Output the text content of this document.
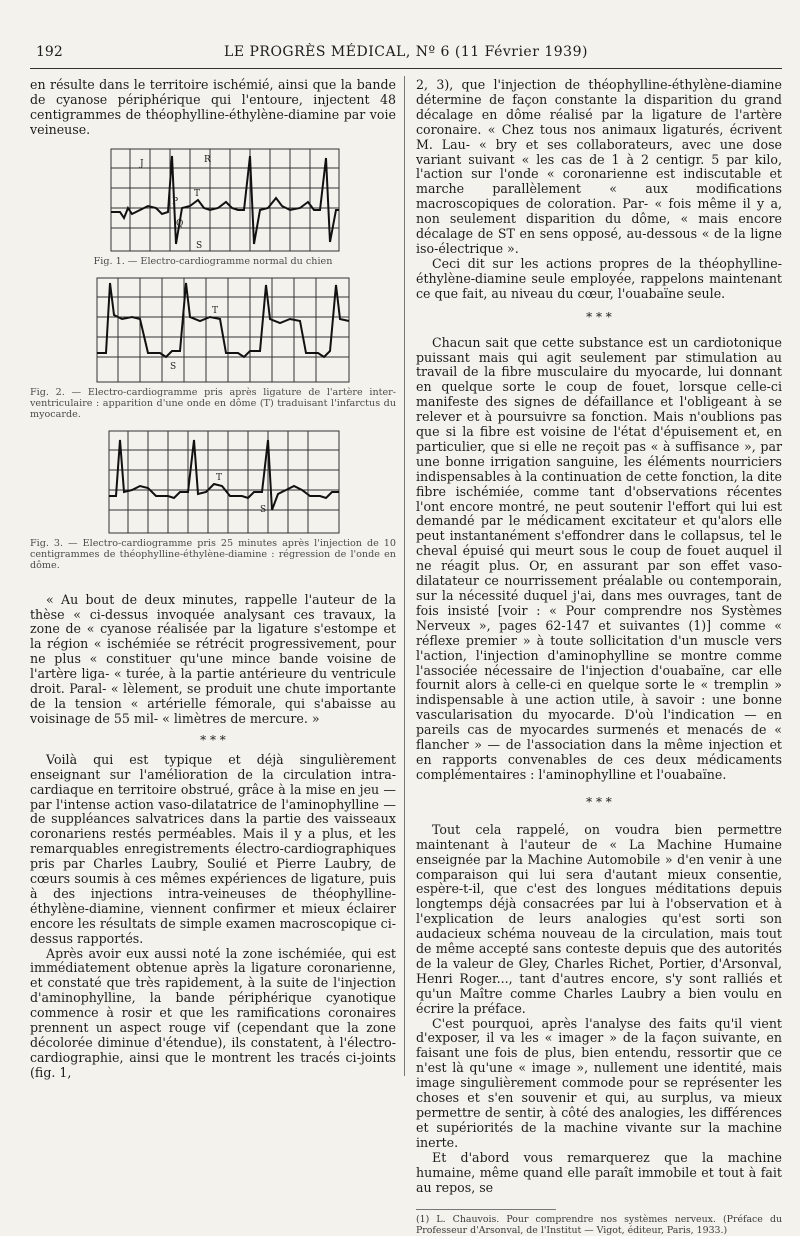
192	LE PROGRÈS MÉDICAL, Nº 6 (11 Février 1939)

en résulte dans le territoire ischémié, ainsi que la bande de cyanose périphérique qui l'entoure, injectent 48 centigrammes de théophylline-éthylène-diamine par voie veineuse.

J	R
P
T
Q
S
Fig. 1. — Electro-cardiogramme normal du chien
T
S
Fig. 2. — Electro-cardiogramme pris après ligature de l'artère inter-ventriculaire : apparition d'une onde en dôme (T) traduisant l'infarctus du myocarde.
T
S
Fig. 3. — Electro-cardiogramme pris 25 minutes après l'injection de 10 centigrammes de théophylline-éthylène-diamine : régression de l'onde en dôme.

« Au bout de deux minutes, rappelle l'auteur de la thèse « ci-dessus invoquée analysant ces travaux, la zone de « cyanose réalisée par la ligature s'estompe et la région « ischémiée se rétrécit progressivement, pour ne plus « constituer qu'une mince bande voisine de l'artère liga- « turée, à la partie antérieure du ventricule droit. Paral- « lèlement, se produit une chute importante de la tension « artérielle fémorale, qui s'abaisse au voisinage de 55 mil- « limètres de mercure. »

* * *

Voilà qui est typique et déjà singulièrement enseignant sur l'amélioration de la circulation intra-cardiaque en territoire obstrué, grâce à la mise en jeu — par l'intense action vaso-dilatatrice de l'aminophylline — de suppléances salvatrices dans la partie des vaisseaux coronariens restés perméables. Mais il y a plus, et les remarquables enregistrements électro-cardiographiques pris par Charles Laubry, Soulié et Pierre Laubry, de cœurs soumis à ces mêmes expériences de ligature, puis à des injections intra-veineuses de théophylline-éthylène-diamine, viennent confirmer et mieux éclairer encore les résultats de simple examen macroscopique ci-dessus rapportés.

Après avoir eux aussi noté la zone ischémiée, qui est immédiatement obtenue après la ligature coronarienne, et constaté que très rapidement, à la suite de l'injection d'aminophylline, la bande périphérique cyanotique commence à rosir et que les ramifications coronaires prennent un aspect rouge vif (cependant que la zone décolorée diminue d'étendue), ils constatent, à l'électro-cardiographie, ainsi que le montrent les tracés ci-joints (fig. 1,

2, 3), que l'injection de théophylline-éthylène-diamine détermine de façon constante la disparition du grand décalage en dôme réalisé par la ligature de l'artère coronaire. « Chez tous nos animaux ligaturés, écrivent M. Lau- « bry et ses collaborateurs, avec une dose variant suivant « les cas de 1 à 2 centigr. 5 par kilo, l'action sur l'onde « coronarienne est indiscutable et marche parallèlement « aux modifications macroscopiques de coloration. Par- « fois même il y a, non seulement disparition du dôme, « mais encore décalage de ST en sens opposé, au-dessous « de la ligne iso-électrique ».

Ceci dit sur les actions propres de la théophylline-éthylène-diamine seule employée, rappelons maintenant ce que fait, au niveau du cœur, l'ouabaïne seule.

* * *

Chacun sait que cette substance est un cardiotonique puissant mais qui agit seulement par stimulation au travail de la fibre musculaire du myocarde, lui donnant en quelque sorte le coup de fouet, lorsque celle-ci manifeste des signes de défaillance et l'obligeant à se relever et à poursuivre sa fonction. Mais n'oublions pas que si la fibre est voisine de l'état d'épuisement et, en particulier, que si elle ne reçoit pas « à suffisance », par une bonne irrigation sanguine, les éléments nourriciers indispensables à la continuation de cette fonction, la dite fibre ischémiée, comme tant d'observations récentes l'ont encore montré, ne peut soutenir l'effort qui lui est demandé par le médicament excitateur et qu'alors elle peut instantanément s'effondrer dans le collapsus, tel le cheval épuisé qui meurt sous le coup de fouet auquel il ne réagit plus. Or, en assurant par son effet vaso-dilatateur ce nourrissement préalable ou contemporain, sur la nécessité duquel j'ai, dans mes ouvrages, tant de fois insisté [voir : « Pour comprendre nos Systèmes Nerveux », pages 62-147 et suivantes (1)] comme « réflexe premier » à toute sollicitation d'un muscle vers l'action, l'injection d'aminophylline se montre comme l'associée nécessaire de l'injection d'ouabaïne, car elle fournit alors à celle-ci en quelque sorte le « tremplin » indispensable à une action utile, à savoir : une bonne vascularisation du myocarde. D'où l'indication — en pareils cas de myocardes surmenés et menacés de « flancher » — de l'association dans la même injection et en rapports convenables de ces deux médicaments complémentaires : l'aminophylline et l'ouabaïne.

* * *

Tout cela rappelé, on voudra bien permettre maintenant à l'auteur de « La Machine Humaine enseignée par la Machine Automobile » d'en venir à une comparaison qui lui sera d'autant mieux consentie, espère-t-il, que c'est des longues méditations depuis longtemps déjà consacrées par lui à l'observation et à l'explication de leurs analogies qu'est sorti son audacieux schéma nouveau de la circulation, mais tout de même accepté sans conteste depuis que des autorités de la valeur de Gley, Charles Richet, Portier, d'Arsonval, Henri Roger..., tant d'autres encore, s'y sont ralliés et qu'un Maître comme Charles Laubry a bien voulu en écrire la préface.

C'est pourquoi, après l'analyse des faits qu'il vient d'exposer, il va les « imager » de la façon suivante, en faisant une fois de plus, bien entendu, ressortir que ce n'est là qu'une « image », nullement une identité, mais image singulièrement commode pour se représenter les choses et s'en souvenir et qui, au surplus, va mieux permettre de sentir, à côté des analogies, les différences et supériorités de la machine vivante sur la machine inerte.

Et d'abord vous remarquerez que la machine humaine, même quand elle paraît immobile et tout à fait au repos, se

(1) L. Chauvois. Pour comprendre nos systèmes nerveux. (Préface du Professeur d'Arsonval, de l'Institut — Vigot, éditeur, Paris, 1933.)
